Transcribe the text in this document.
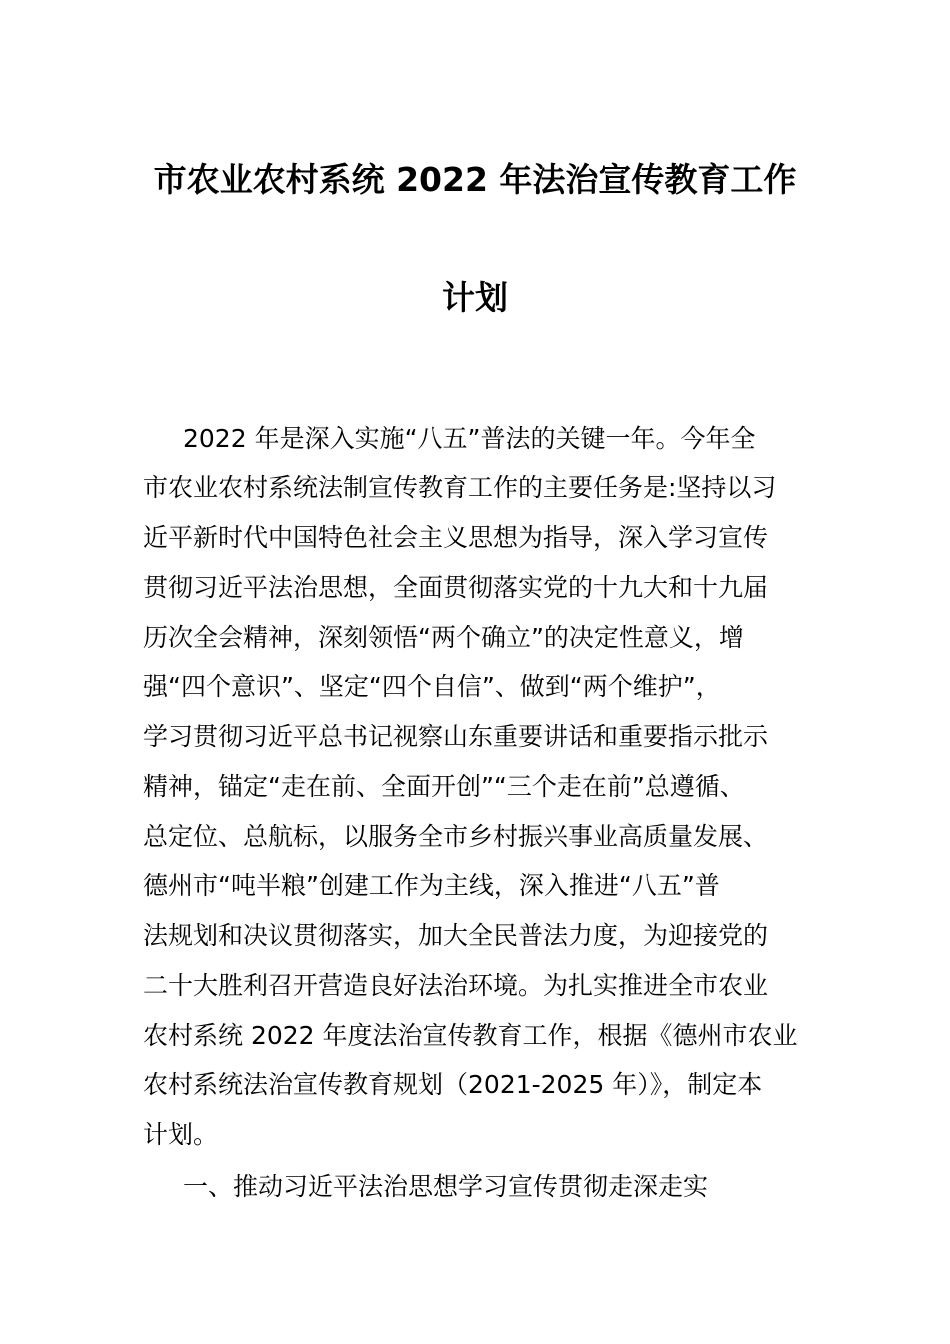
市农业农村系统 2022 年法治宣传教育工作
计划
2022 年是深入实施“八五”普法的关键一年。今年全
市农业农村系统法制宣传教育工作的主要任务是:坚持以习
近平新时代中国特色社会主义思想为指导，深入学习宣传
贯彻习近平法治思想，全面贯彻落实党的十九大和十九届
历次全会精神，深刻领悟“两个确立”的决定性意义，增
强“四个意识”、坚定“四个自信”、做到“两个维护”，
学习贯彻习近平总书记视察山东重要讲话和重要指示批示
精神，锚定“走在前、全面开创”“三个走在前”总遵循、
总定位、总航标，以服务全市乡村振兴事业高质量发展、
德州市“吨半粮”创建工作为主线，深入推进“八五”普
法规划和决议贯彻落实，加大全民普法力度，为迎接党的
二十大胜利召开营造良好法治环境。为扎实推进全市农业
农村系统 2022 年度法治宣传教育工作，根据《德州市农业
农村系统法治宣传教育规划（2021-2025 年）》，制定本
计划。
一、推动习近平法治思想学习宣传贯彻走深走实
